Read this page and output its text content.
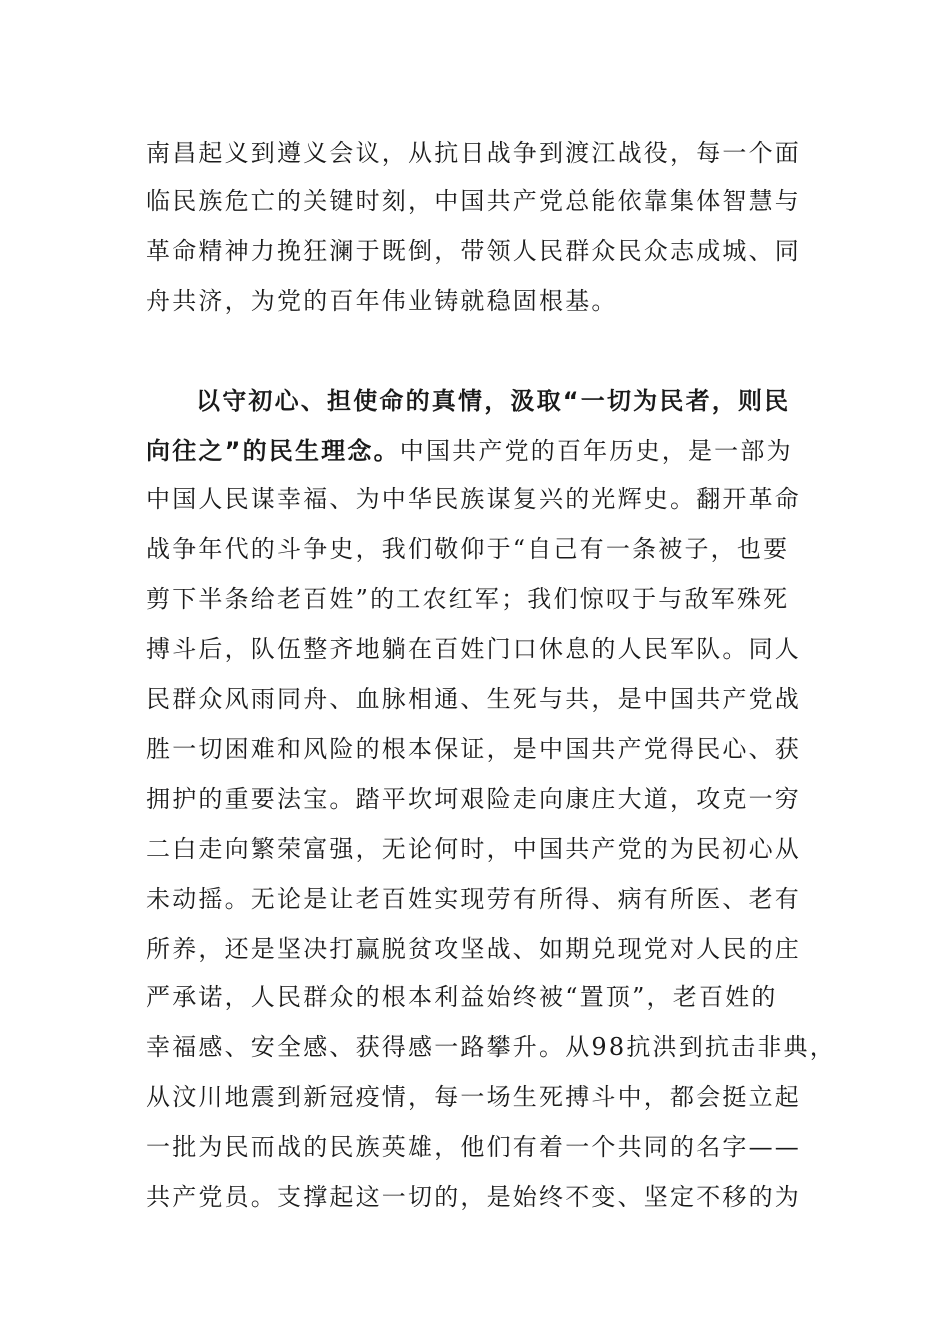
南昌起义到遵义会议，从抗日战争到渡江战役，每一个面
临民族危亡的关键时刻，中国共产党总能依靠集体智慧与
革命精神力挽狂澜于既倒，带领人民群众民众志成城、同
舟共济，为党的百年伟业铸就稳固根基。
以守初心、担使命的真情，汲取“一切为民者，则民
向往之”的民生理念。中国共产党的百年历史，是一部为
中国人民谋幸福、为中华民族谋复兴的光辉史。翻开革命
战争年代的斗争史，我们敬仰于“自己有一条被子，也要
剪下半条给老百姓”的工农红军；我们惊叹于与敌军殊死
搏斗后，队伍整齐地躺在百姓门口休息的人民军队。同人
民群众风雨同舟、血脉相通、生死与共，是中国共产党战
胜一切困难和风险的根本保证，是中国共产党得民心、获
拥护的重要法宝。踏平坎坷艰险走向康庄大道，攻克一穷
二白走向繁荣富强，无论何时，中国共产党的为民初心从
未动摇。无论是让老百姓实现劳有所得、病有所医、老有
所养，还是坚决打赢脱贫攻坚战、如期兑现党对人民的庄
严承诺，人民群众的根本利益始终被“置顶”，老百姓的
幸福感、安全感、获得感一路攀升。从98抗洪到抗击非典，
从汶川地震到新冠疫情，每一场生死搏斗中，都会挺立起
一批为民而战的民族英雄，他们有着一个共同的名字——
共产党员。支撑起这一切的，是始终不变、坚定不移的为
